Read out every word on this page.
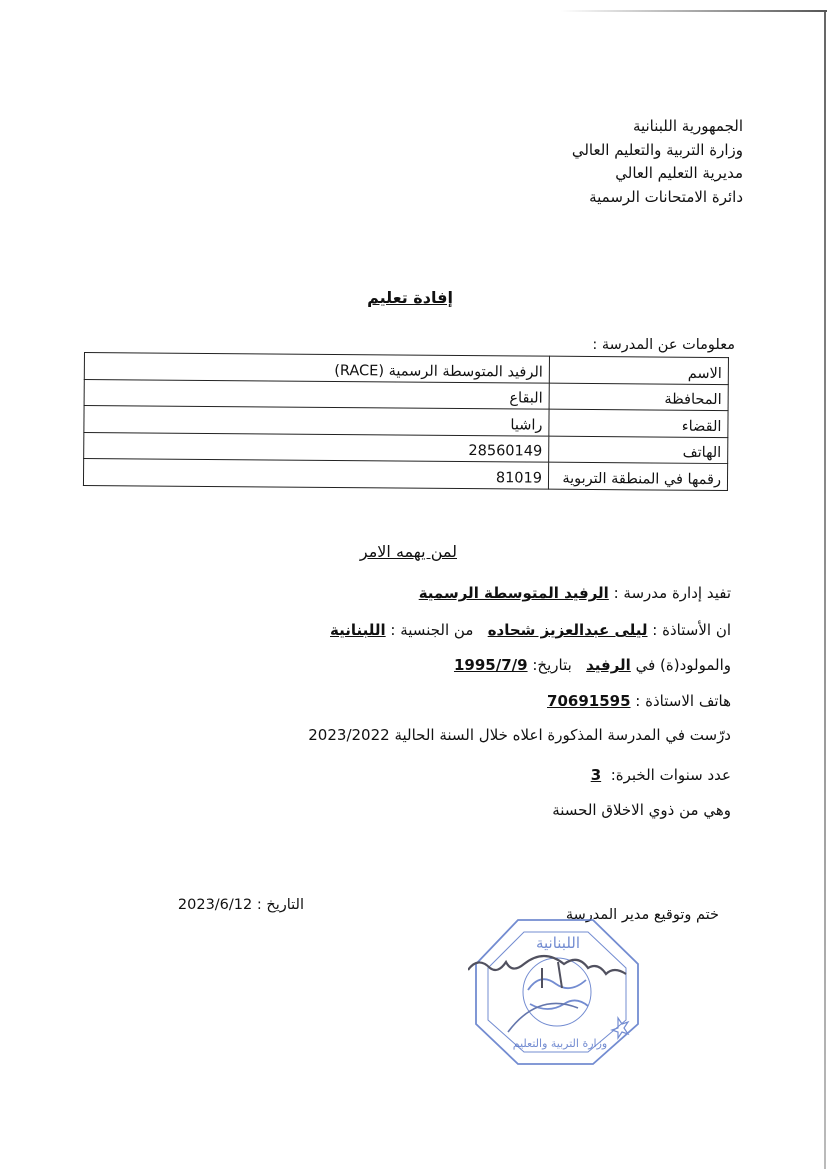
الجمهورية اللبنانية
وزارة التربية والتعليم العالي
مديرية التعليم العالي
دائرة الامتحانات الرسمية
إفادة تعليم
معلومات عن المدرسة :
الاسم	الرفيد المتوسطة الرسمية (RACE)
المحافظة	البقاع
القضاء	راشيا
الهاتف	28560149
رقمها في المنطقة التربوية	81019
لمن يهمه الامر
تفيد إدارة مدرسة : الرفيد المتوسطة الرسمية
ان الأستاذة : ليلى عبدالعزيز شحاده   من الجنسية : اللبنانية
والمولود(ة) في الرفيد   بتاريخ: 1995/7/9
هاتف الاستاذة : 70691595
درّست في المدرسة المذكورة اعلاه خلال السنة الحالية 2023/2022
عدد سنوات الخبرة:  3
وهي من ذوي الاخلاق الحسنة
التاريخ : 2023/6/12
ختم وتوقيع مدير المدرسة
اللبنانية
وزارة التربية والتعليم
